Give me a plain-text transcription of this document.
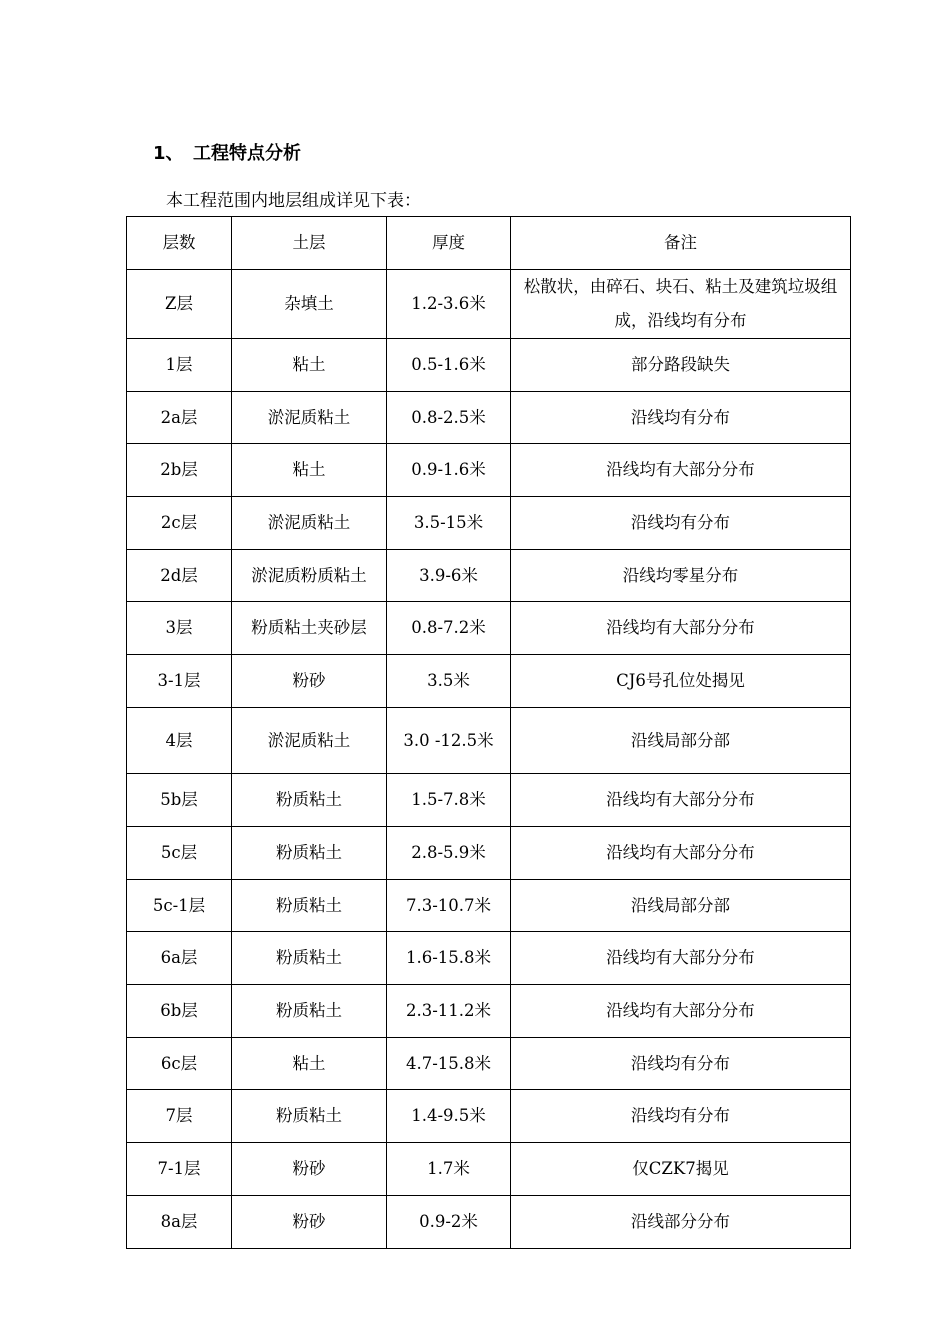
1、 工程特点分析
本工程范围内地层组成详见下表：
层数	土层	厚度	备注
Z层	杂填土	1.2-3.6米	松散状，由碎石、块石、粘土及建筑垃圾组成，沿线均有分布
1层	粘土	0.5-1.6米	部分路段缺失
2a层	淤泥质粘土	0.8-2.5米	沿线均有分布
2b层	粘土	0.9-1.6米	沿线均有大部分分布
2c层	淤泥质粘土	3.5-15米	沿线均有分布
2d层	淤泥质粉质粘土	3.9-6米	沿线均零星分布
3层	粉质粘土夹砂层	0.8-7.2米	沿线均有大部分分布
3-1层	粉砂	3.5米	CJ6号孔位处揭见
4层	淤泥质粘土	3.0 -12.5米	沿线局部分部
5b层	粉质粘土	1.5-7.8米	沿线均有大部分分布
5c层	粉质粘土	2.8-5.9米	沿线均有大部分分布
5c-1层	粉质粘土	7.3-10.7米	沿线局部分部
6a层	粉质粘土	1.6-15.8米	沿线均有大部分分布
6b层	粉质粘土	2.3-11.2米	沿线均有大部分分布
6c层	粘土	4.7-15.8米	沿线均有分布
7层	粉质粘土	1.4-9.5米	沿线均有分布
7-1层	粉砂	1.7米	仅CZK7揭见
8a层	粉砂	0.9-2米	沿线部分分布
